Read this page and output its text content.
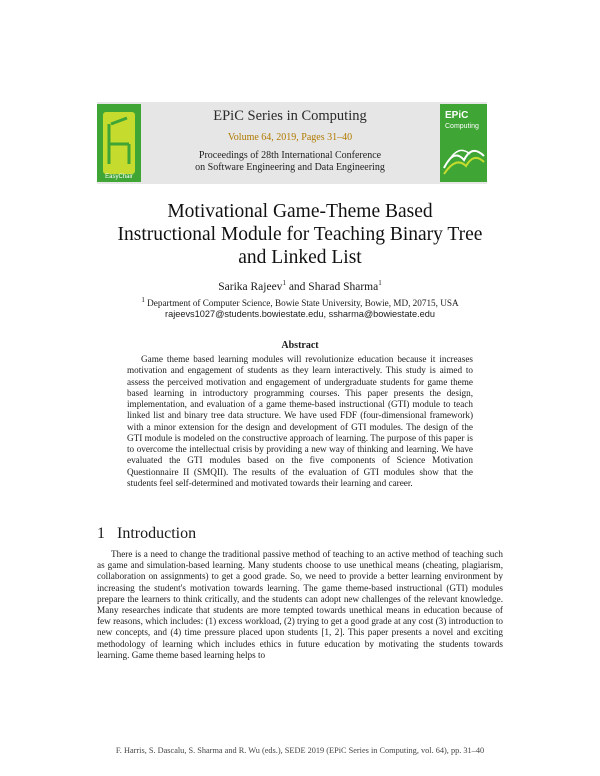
EasyChair
EPiC
Computing
EPiC Series in Computing
Volume 64, 2019, Pages 31–40
Proceedings of 28th International Conference
on Software Engineering and Data Engineering
Motivational Game-Theme Based
Instructional Module for Teaching Binary Tree
and Linked List
Sarika Rajeev$^1$ and Sharad Sharma$^1$
$^1$ Department of Computer Science, Bowie State University, Bowie, MD, 20715, USA
rajeevs1027@students.bowiestate.edu, ssharma@bowiestate.edu
Abstract
Game theme based learning modules will revolutionize education because it increases motivation and engagement of students as they learn interactively. This study is aimed to assess the perceived motivation and engagement of undergraduate students for game theme based learning in introductory programming courses. This paper presents the design, implementation, and evaluation of a game theme-based instructional (GTI) module to teach linked list and binary tree data structure. We have used FDF (four-dimensional framework) with a minor extension for the design and development of GTI modules. The design of the GTI module is modeled on the constructive approach of learning. The purpose of this paper is to overcome the intellectual crisis by providing a new way of thinking and learning. We have evaluated the GTI modules based on the five components of Science Motivation Questionnaire II (SMQII). The results of the evaluation of GTI modules show that the students feel self-determined and motivated towards their learning and career.
1 Introduction
There is a need to change the traditional passive method of teaching to an active method of teaching such as game and simulation-based learning. Many students choose to use unethical means (cheating, plagiarism, collaboration on assignments) to get a good grade. So, we need to provide a better learning environment by increasing the student's motivation towards learning. The game theme-based instructional (GTI) modules prepare the learners to think critically, and the students can adopt new challenges of the relevant knowledge. Many researches indicate that students are more tempted towards unethical means in education because of few reasons, which includes: (1) excess workload, (2) trying to get a good grade at any cost (3) introduction to new concepts, and (4) time pressure placed upon students [1, 2]. This paper presents a novel and exciting methodology of learning which includes ethics in future education by motivating the students towards learning. Game theme based learning helps to
F. Harris, S. Dascalu, S. Sharma and R. Wu (eds.), SEDE 2019 (EPiC Series in Computing, vol. 64), pp. 31–40
